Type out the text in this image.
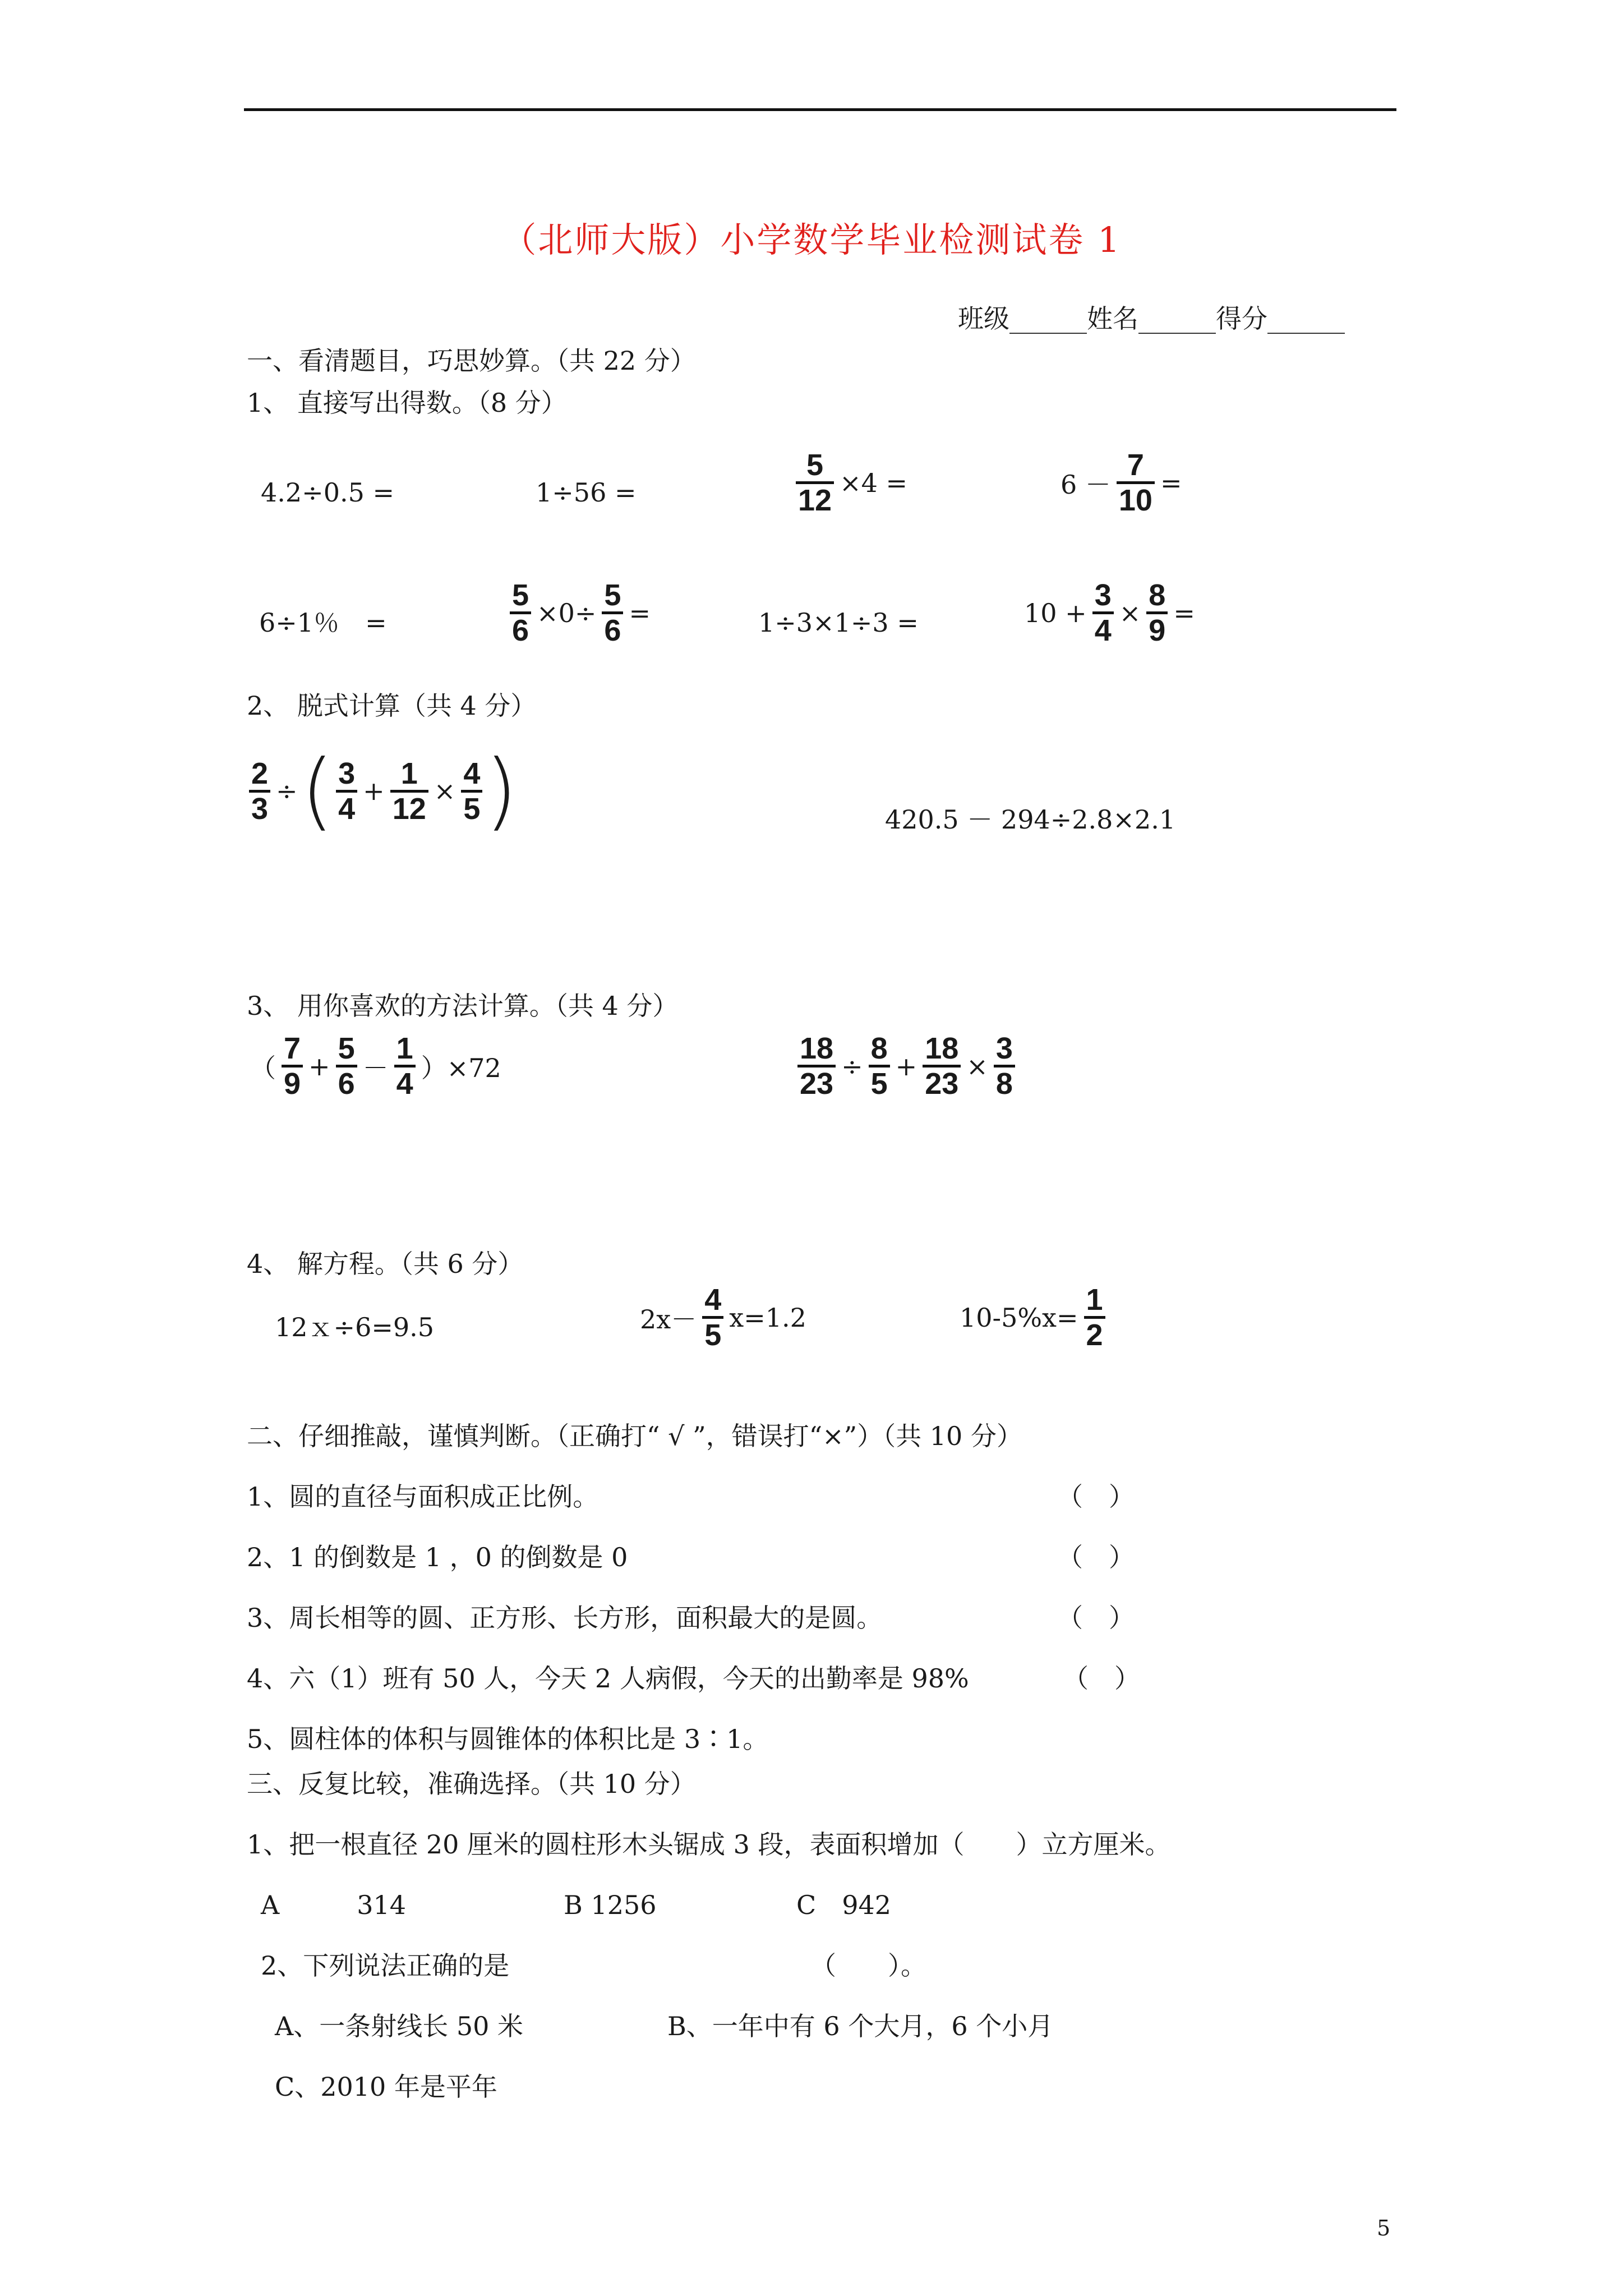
（北师大版）小学数学毕业检测试卷 1
班级______姓名______得分______
一、看清题目，巧思妙算。（共 22 分）
1、 直接写出得数。（8 分）
4.2÷0.5 =	1÷56 =	$\frac{5}{12} \times 4$ =	$6 - \frac{7}{10}$ =
6÷1％　=	$\frac{5}{6} \times 0\div \frac{5}{6}$ =	1÷3×1÷3 =	$10 + \frac{3}{4} \times \frac{8}{9}$ =
2、 脱式计算（共 4 分）
$\frac{2}{3}$ ÷( $\frac{3}{4} + \frac{1}{12} \times \frac{4}{5}$ )	420.5 － 294÷2.8×2.1
3、 用你喜欢的方法计算。（共 4 分）
（ $\frac{7}{9} + \frac{5}{6} - \frac{1}{4} )\times 72$	$\frac{18}{23} \div \frac{8}{5} + \frac{18}{23} \times \frac{3}{8}$
4、 解方程。（共 6 分）
12ｘ÷6=9.5	$2x- \frac{4}{5} x=1.2$	$10-5\%x= \frac{1}{2}$
二、仔细推敲，谨慎判断。（正确打“ √ ”，错误打“×”）（共 10 分）
1、圆的直径与面积成正比例。	（　）
2、1 的倒数是 1 ，0 的倒数是 0	（　）
3、周长相等的圆、正方形、长方形，面积最大的是圆。	（　）
4、六（1）班有 50 人，今天 2 人病假，今天的出勤率是 98%	（　）
5、圆柱体的体积与圆锥体的体积比是 3∶1。
三、反复比较，准确选择。（共 10 分）
1、把一根直径 20 厘米的圆柱形木头锯成 3 段，表面积增加（　　）立方厘米。
A　　　314	B 1256	C　942
2、下列说法正确的是	（　　）。
A、一条射线长 50 米	B、一年中有 6 个大月，6 个小月
C、2010 年是平年
5
